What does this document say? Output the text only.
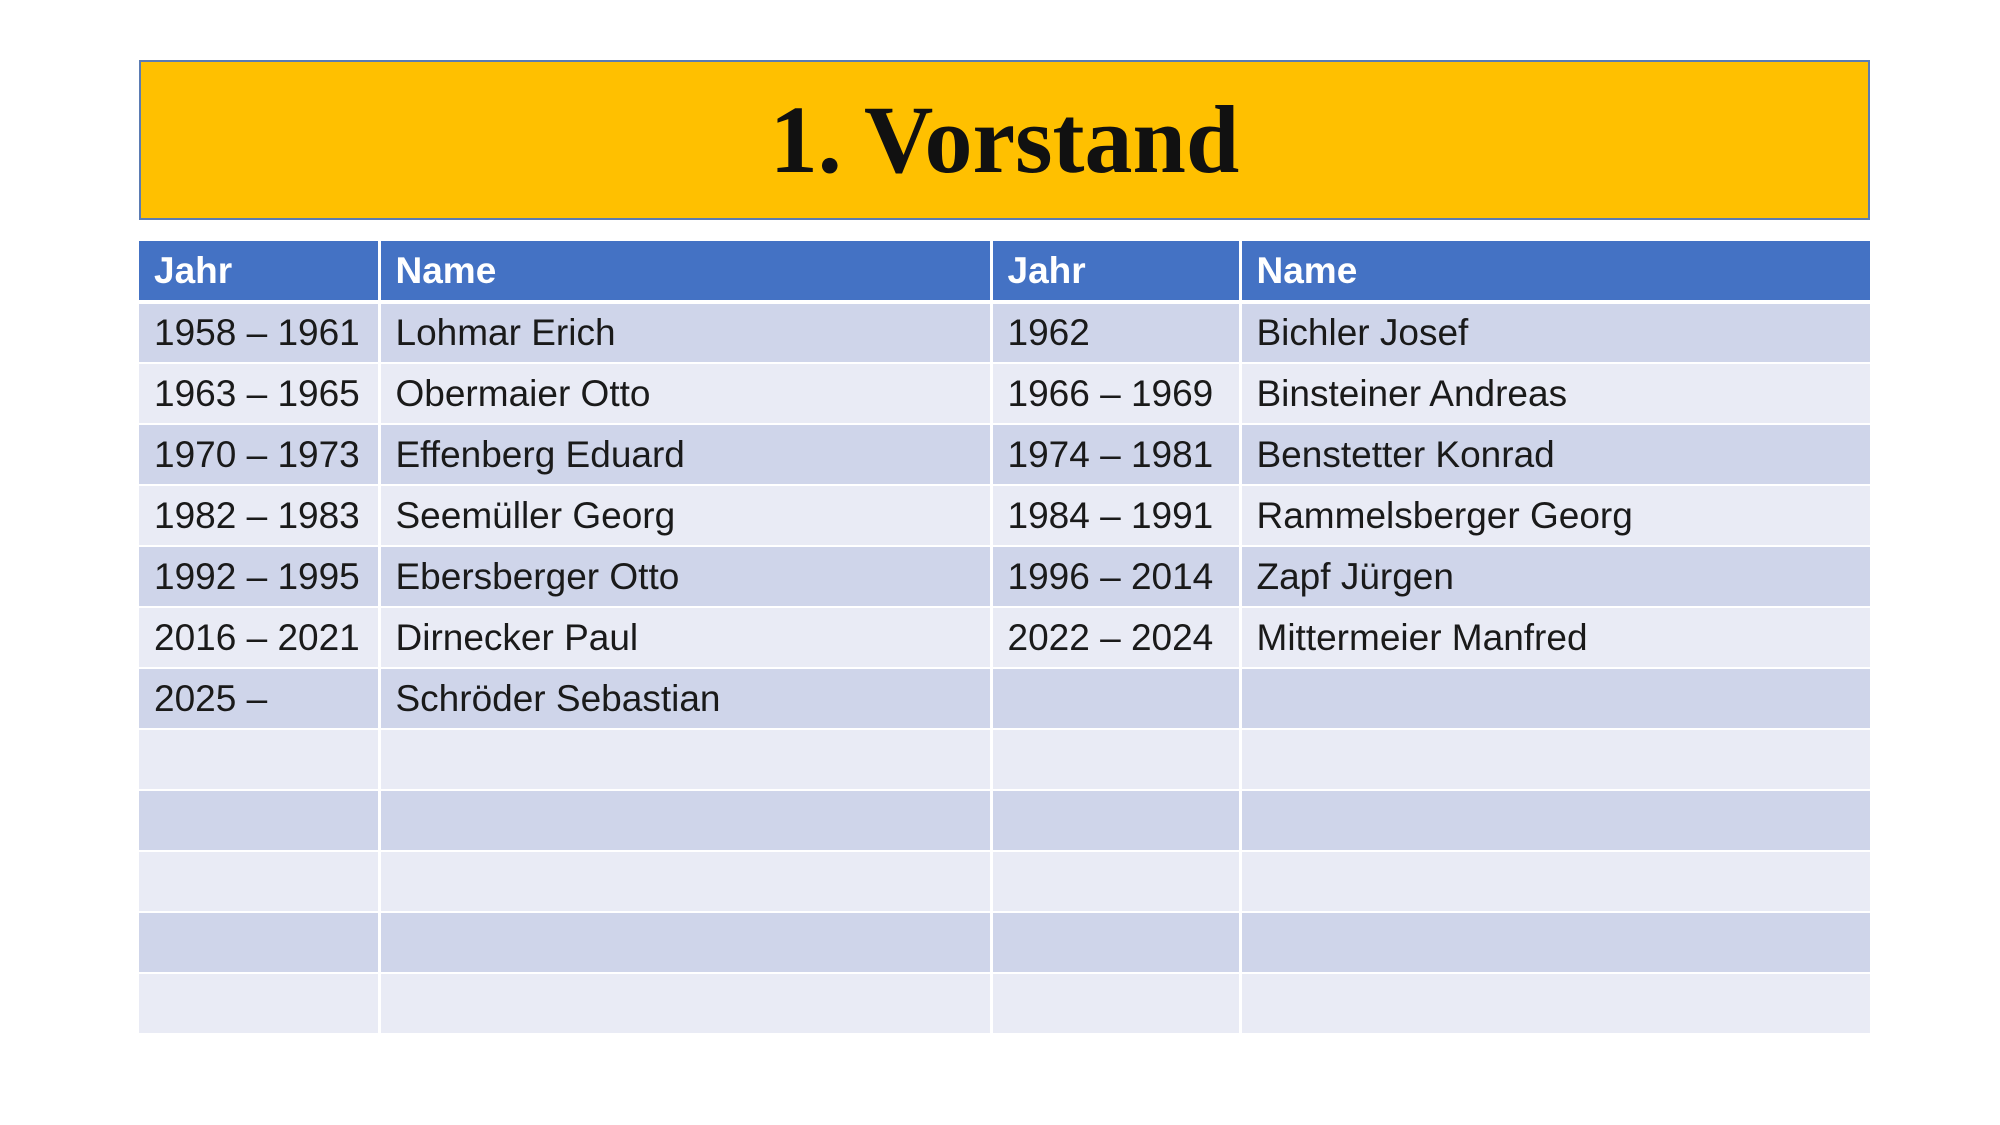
1. Vorstand
Jahr	Name	Jahr	Name
1958 – 1961	Lohmar Erich	1962	Bichler Josef
1963 – 1965	Obermaier Otto	1966 – 1969	Binsteiner Andreas
1970 – 1973	Effenberg Eduard	1974 – 1981	Benstetter Konrad
1982 – 1983	Seemüller Georg	1984 – 1991	Rammelsberger Georg
1992 – 1995	Ebersberger Otto	1996 – 2014	Zapf Jürgen
2016 – 2021	Dirnecker Paul	2022 – 2024	Mittermeier Manfred
2025 –	Schröder Sebastian		
